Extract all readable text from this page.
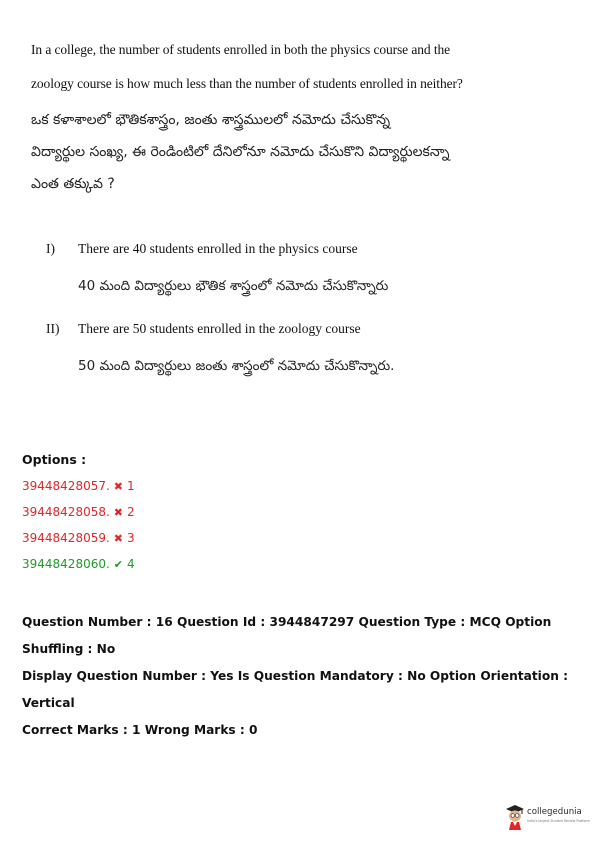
In a college, the number of students enrolled in both the physics course and the
zoology course is how much less than the number of students enrolled in neither?
ఒక కళాశాలలో భౌతికశాస్త్రం, జంతు శాస్త్రములలో నమోదు చేసుకొన్న
విద్యార్థుల సంఖ్య, ఈ రెండింటిలో దేనిలోనూ నమోదు చేసుకొని విద్యార్థులకన్నా
ఎంత తక్కువ ?
I) There are 40 students enrolled in the physics course
40 మంది విద్యార్థులు భౌతిక శాస్త్రంలో నమోదు చేసుకొన్నారు
II) There are 50 students enrolled in the zoology course
50 మంది విద్యార్థులు జంతు శాస్త్రంలో నమోదు చేసుకొన్నారు.
Options :
39448428057. ✖ 1
39448428058. ✖ 2
39448428059. ✖ 3
39448428060. ✔ 4
Question Number : 16 Question Id : 3944847297 Question Type : MCQ Option Shuffling : No
Display Question Number : Yes Is Question Mandatory : No Option Orientation : Vertical
Correct Marks : 1 Wrong Marks : 0
collegedunia
India's largest Student Review Platform
